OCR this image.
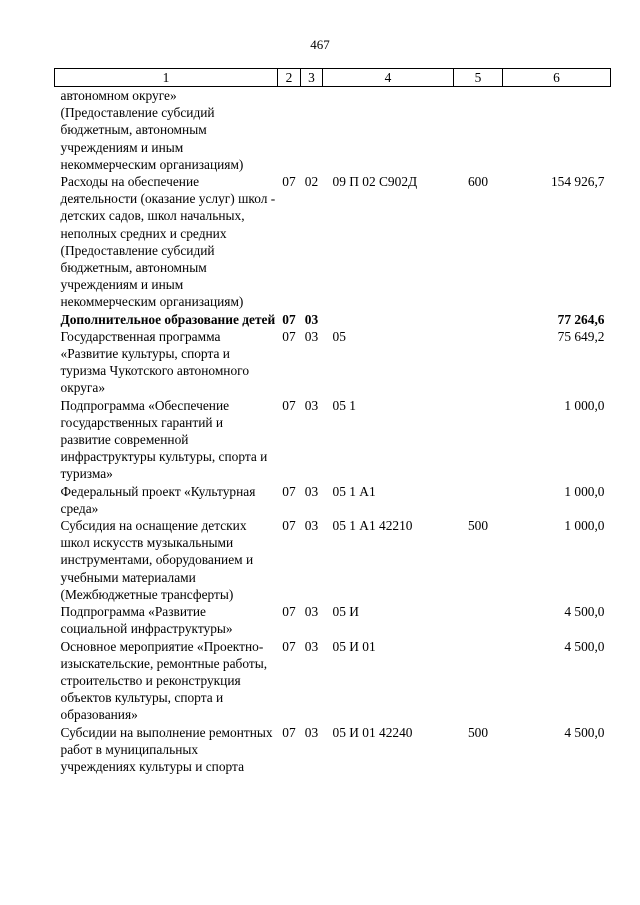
467
1	2	3	4	5	6
автономном округе» (Предоставление субсидий бюджетным, автономным учреждениям и иным некоммерческим организациям)					
Расходы на обеспечение деятельности (оказание услуг) школ - детских садов, школ начальных, неполных средних и средних (Предоставление субсидий бюджетным, автономным учреждениям и иным некоммерческим организациям)	07	02	09 П 02 С902Д	600	154 926,7
Дополнительное образование детей	07	03			77 264,6
Государственная программа «Развитие культуры, спорта и туризма Чукотского автономного округа»	07	03	05		75 649,2
Подпрограмма «Обеспечение государственных гарантий и развитие современной инфраструктуры культуры, спорта и туризма»	07	03	05 1		1 000,0
Федеральный проект «Культурная среда»	07	03	05 1 А1		1 000,0
Субсидия на оснащение детских школ искусств музыкальными инструментами, оборудованием и учебными материалами (Межбюджетные трансферты)	07	03	05 1 А1 42210	500	1 000,0
Подпрограмма «Развитие социальной инфраструктуры»	07	03	05 И		4 500,0
Основное мероприятие «Проектно-изыскательские, ремонтные работы, строительство и реконструкция объектов культуры, спорта и образования»	07	03	05 И 01		4 500,0
Субсидии на выполнение ремонтных работ в муниципальных учреждениях культуры и спорта	07	03	05 И 01 42240	500	4 500,0
